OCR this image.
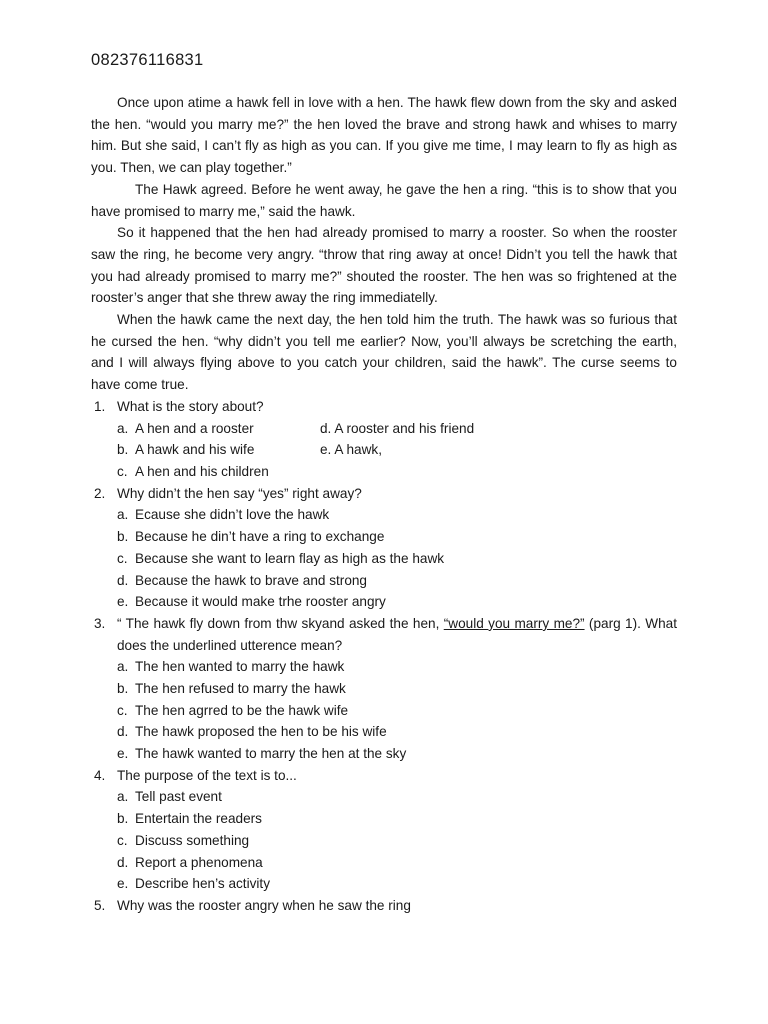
082376116831

Once upon atime a hawk fell in love with a hen. The hawk flew down from the sky and asked the hen. “would you marry me?” the hen loved the brave and strong hawk and whises to marry him. But she said, I can’t fly as high as you can. If you give me time, I may learn to fly as high as you. Then, we can play together.”

The Hawk agreed. Before he went away, he gave the hen a ring. “this is to show that you have promised to marry me,” said the hawk.

So it happened that the hen had already promised to marry a rooster. So when the rooster saw the ring, he become very angry. “throw that ring away at once! Didn’t you tell the hawk that you had already promised to marry me?” shouted the rooster. The hen was so frightened at the rooster’s anger that she threw away the ring immediatelly.

When the hawk came the next day, the hen told him the truth. The hawk was so furious that he cursed the hen. “why didn’t you tell me earlier? Now, you’ll always be scretching the earth, and I will always flying above to you catch your children, said the hawk”. The curse seems to have come true.

1. What is the story about?
a. A hen and a rooster	d. A rooster and his friend
b. A hawk and his wife	e. A hawk,
c. A hen and his children
2. Why didn’t the hen say “yes” right away?
a. Ecause she didn’t love the hawk
b. Because he din’t have a ring to exchange
c. Because she want to learn flay as high as the hawk
d. Because the hawk to brave and strong
e. Because it would make trhe rooster angry
3. “ The hawk fly down from thw skyand asked the hen, “would you marry me?” (parg 1). What does the underlined utterence mean?
a. The hen wanted to marry the hawk
b. The hen refused to marry the hawk
c. The hen agrred to be the hawk wife
d. The hawk proposed the hen to be his wife
e. The hawk wanted to marry the hen at the sky
4. The purpose of the text is to...
a. Tell past event
b. Entertain the readers
c. Discuss something
d. Report a phenomena
e. Describe hen’s activity
5. Why was the rooster angry when he saw the ring
